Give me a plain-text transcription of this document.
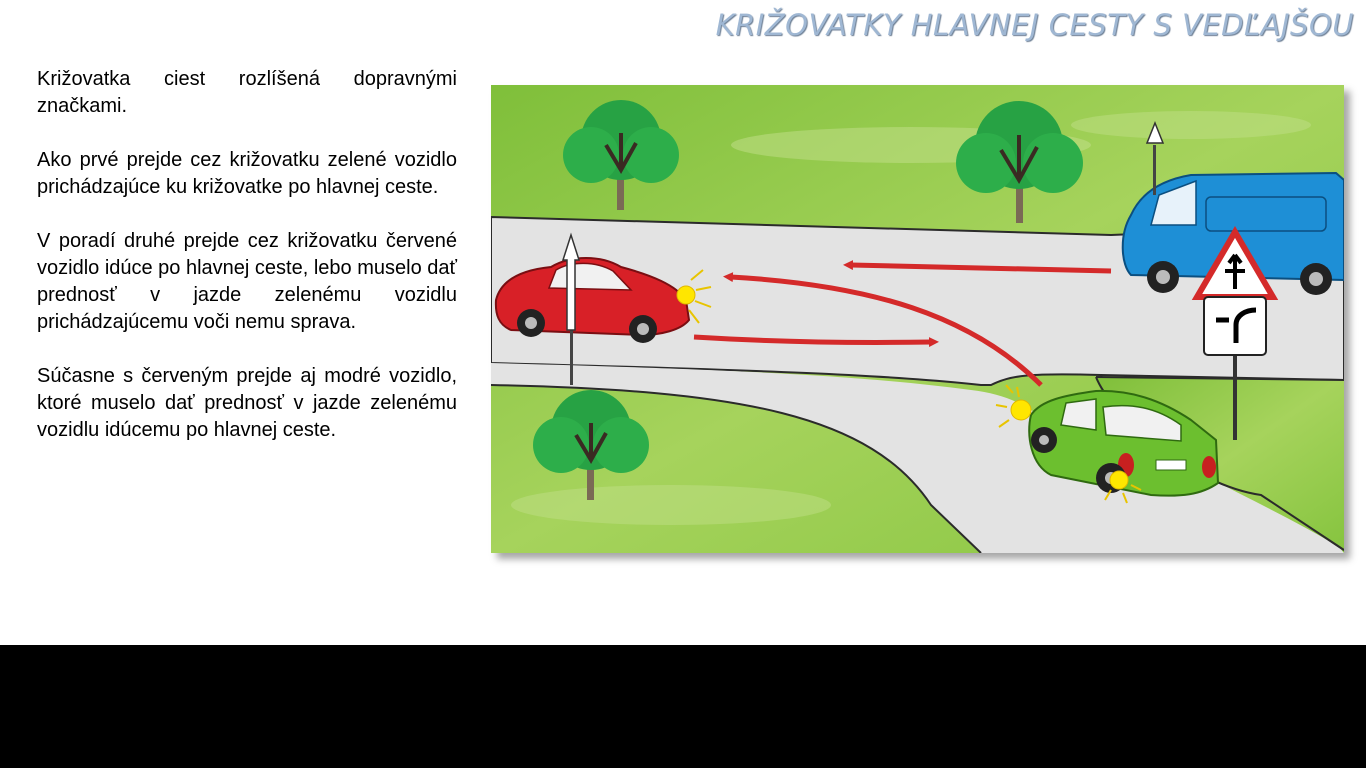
KRIŽOVATKY HLAVNEJ CESTY S VEDĽAJŠOU

Križovatka ciest rozlíšená dopravnými značkami.

Ako prvé prejde cez križovatku zelené vozidlo prichádzajúce ku križovatke po hlavnej ceste.

V poradí druhé prejde cez križovatku červené vozidlo idúce po hlavnej ceste, lebo muselo dať prednosť v jazde zelenému vozidlu prichádzajúcemu voči nemu sprava.

Súčasne s červeným prejde aj modré vozidlo, ktoré muselo dať prednosť v jazde zelenému vozidlu idúcemu po hlavnej ceste.
